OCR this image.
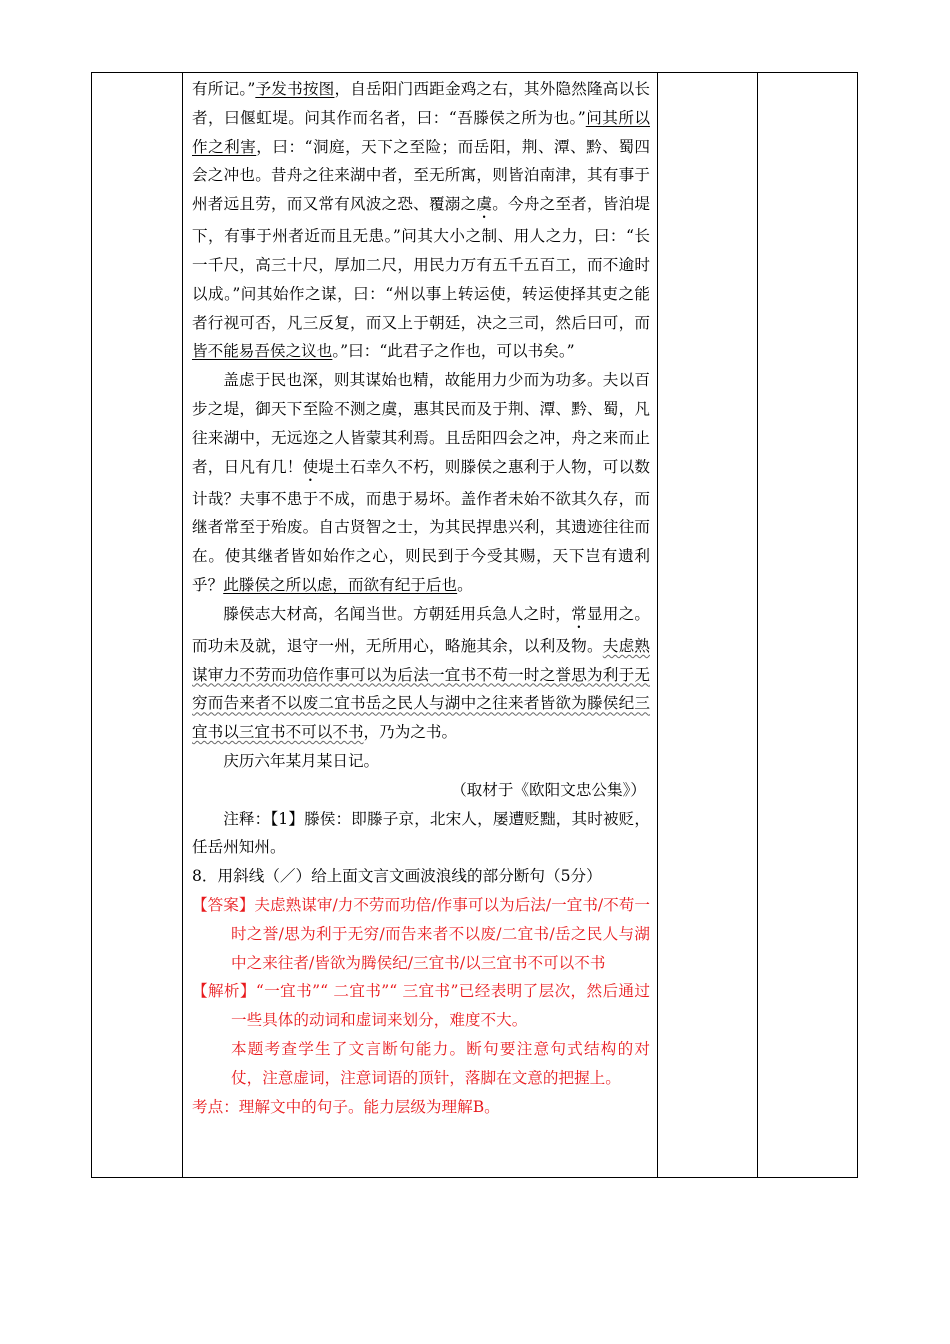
有所记。”予发书按图，自岳阳门西距金鸡之右，其外隐然隆高以长者，曰偃虹堤。问其作而名者，曰：“吾滕侯之所为也。”问其所以作之利害，曰：“洞庭，天下之至险；而岳阳，荆、潭、黔、蜀四会之冲也。昔舟之往来湖中者，至无所寓，则皆泊南津，其有事于州者远且劳，而又常有风波之恐、覆溺之虞。今舟之至者，皆泊堤下，有事于州者近而且无患。”问其大小之制、用人之力，曰：“长一千尺，高三十尺，厚加二尺，用民力万有五千五百工，而不逾时以成。”问其始作之谋，曰：“州以事上转运使，转运使择其吏之能者行视可否，凡三反复，而又上于朝廷，决之三司，然后曰可，而皆不能易吾侯之议也。”曰：“此君子之作也，可以书矣。”

盖虑于民也深，则其谋始也精，故能用力少而为功多。夫以百步之堤，御天下至险不测之虞，惠其民而及于荆、潭、黔、蜀，凡往来湖中，无远迩之人皆蒙其利焉。且岳阳四会之冲，舟之来而止者，日凡有几！使堤土石幸久不朽，则滕侯之惠利于人物，可以数计哉？夫事不患于不成，而患于易坏。盖作者未始不欲其久存，而继者常至于殆废。自古贤智之士，为其民捍患兴利，其遗迹往往而在。使其继者皆如始作之心，则民到于今受其赐，天下岂有遗利乎？此滕侯之所以虑，而欲有纪于后也。

滕侯志大材高，名闻当世。方朝廷用兵急人之时，常显用之。而功未及就，退守一州，无所用心，略施其余，以利及物。夫虑熟谋审力不劳而功倍作事可以为后法一宜书不苟一时之誉思为利于无穷而告来者不以废二宜书岳之民人与湖中之往来者皆欲为滕侯纪三宜书以三宜书不可以不书，乃为之书。

庆历六年某月某日记。

（取材于《欧阳文忠公集》）

注释：【1】滕侯：即滕子京，北宋人，屡遭贬黜，其时被贬，任岳州知州。

8．用斜线（／）给上面文言文画波浪线的部分断句（5分）

【答案】夫虑熟谋审/力不劳而功倍/作事可以为后法/一宜书/不苟一时之誉/思为利于无穷/而告来者不以废/二宜书/岳之民人与湖中之来往者/皆欲为腾侯纪/三宜书/以三宜书不可以不书

【解析】“一宜书”“ 二宜书”“ 三宜书”已经表明了层次，然后通过一些具体的动词和虚词来划分，难度不大。

本题考查学生了文言断句能力。断句要注意句式结构的对仗，注意虚词，注意词语的顶针，落脚在文意的把握上。

考点：理解文中的句子。能力层级为理解B。
